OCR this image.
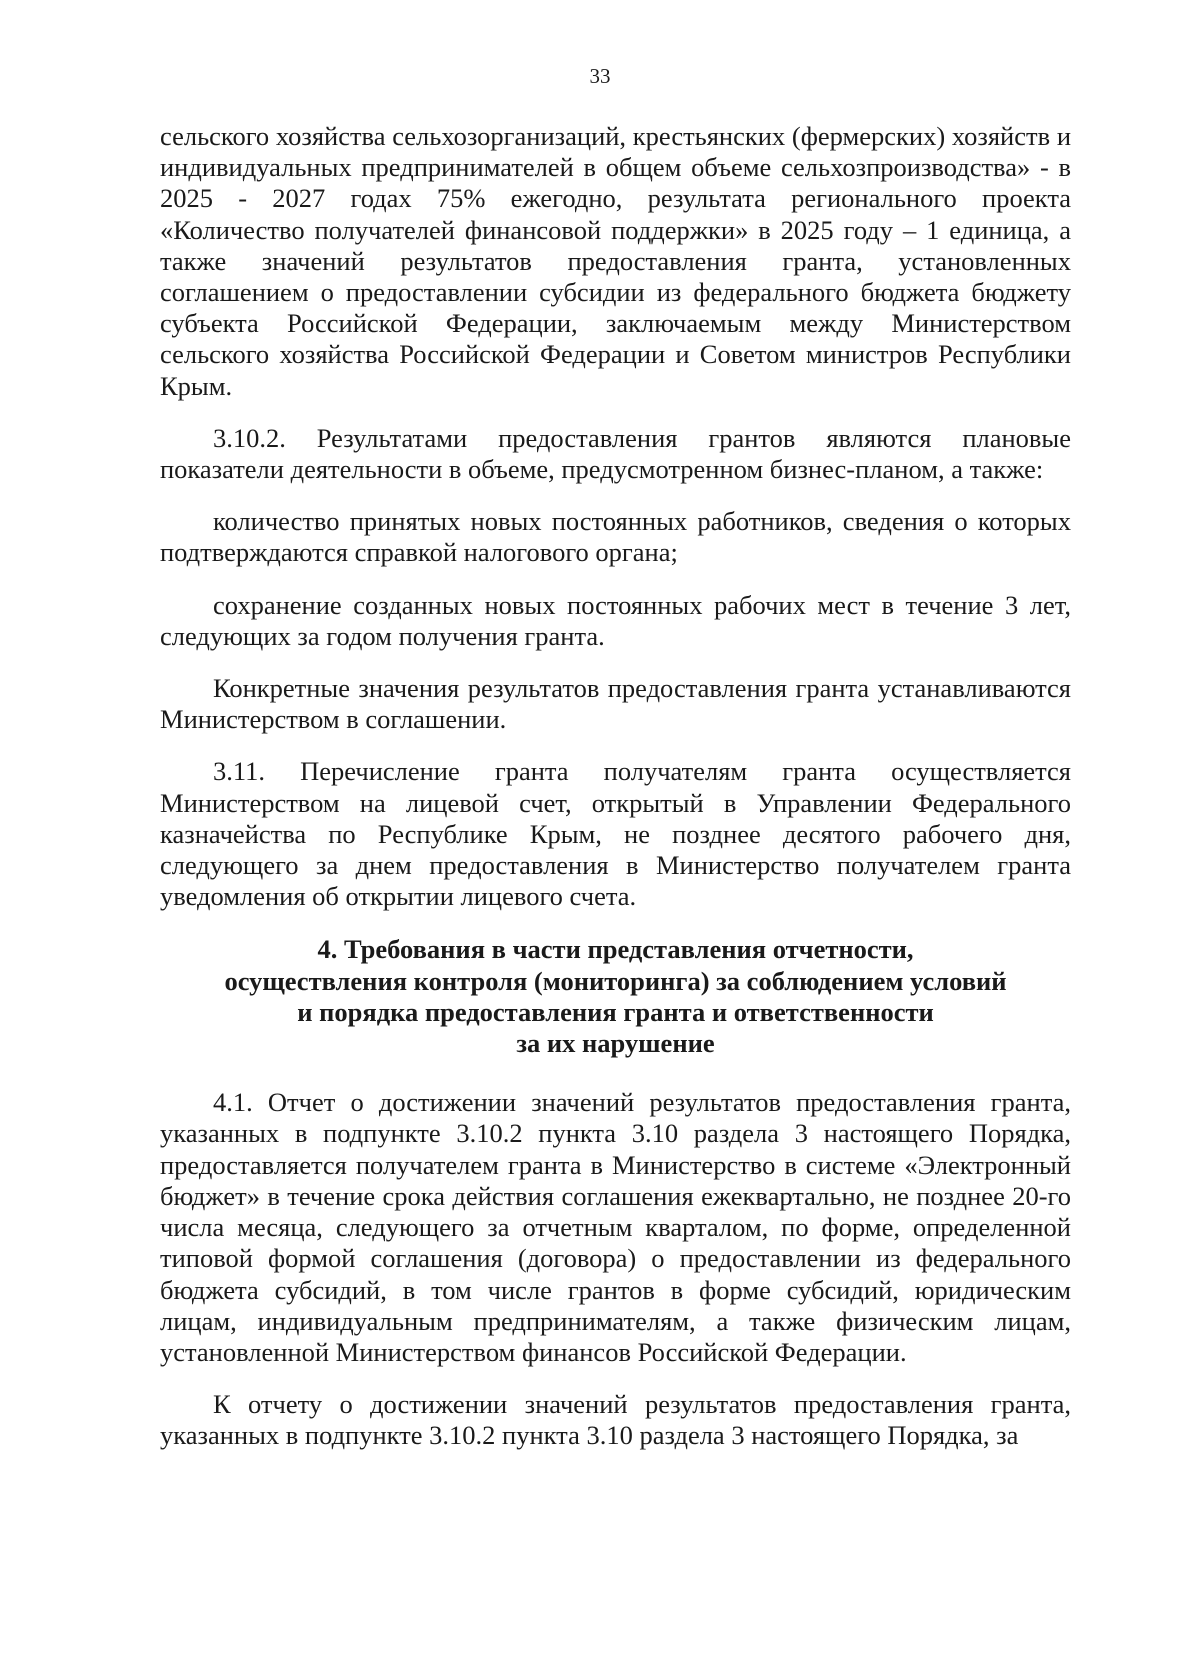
33

сельского хозяйства сельхозорганизаций, крестьянских (фермерских) хозяйств и индивидуальных предпринимателей в общем объеме сельхозпроизводства» - в 2025 - 2027 годах 75% ежегодно, результата регионального проекта «Количество получателей финансовой поддержки» в 2025 году – 1 единица, а также значений результатов предоставления гранта, установленных соглашением о предоставлении субсидии из федерального бюджета бюджету субъекта Российской Федерации, заключаемым между Министерством сельского хозяйства Российской Федерации и Советом министров Республики Крым.

3.10.2. Результатами предоставления грантов являются плановые показатели деятельности в объеме, предусмотренном бизнес-планом, а также:

количество принятых новых постоянных работников, сведения о которых подтверждаются справкой налогового органа;

сохранение созданных новых постоянных рабочих мест в течение 3 лет, следующих за годом получения гранта.

Конкретные значения результатов предоставления гранта устанавливаются Министерством в соглашении.

3.11. Перечисление гранта получателям гранта осуществляется Министерством на лицевой счет, открытый в Управлении Федерального казначейства по Республике Крым, не позднее десятого рабочего дня, следующего за днем предоставления в Министерство получателем гранта уведомления об открытии лицевого счета.

4. Требования в части представления отчетности,
осуществления контроля (мониторинга) за соблюдением условий
и порядка предоставления гранта и ответственности
за их нарушение

4.1. Отчет о достижении значений результатов предоставления гранта, указанных в подпункте 3.10.2 пункта 3.10 раздела 3 настоящего Порядка, предоставляется получателем гранта в Министерство в системе «Электронный бюджет» в течение срока действия соглашения ежеквартально, не позднее 20-го числа месяца, следующего за отчетным кварталом, по форме, определенной типовой формой соглашения (договора) о предоставлении из федерального бюджета субсидий, в том числе грантов в форме субсидий, юридическим лицам, индивидуальным предпринимателям, а также физическим лицам, установленной Министерством финансов Российской Федерации.

К отчету о достижении значений результатов предоставления гранта, указанных в подпункте 3.10.2 пункта 3.10 раздела 3 настоящего Порядка, за
